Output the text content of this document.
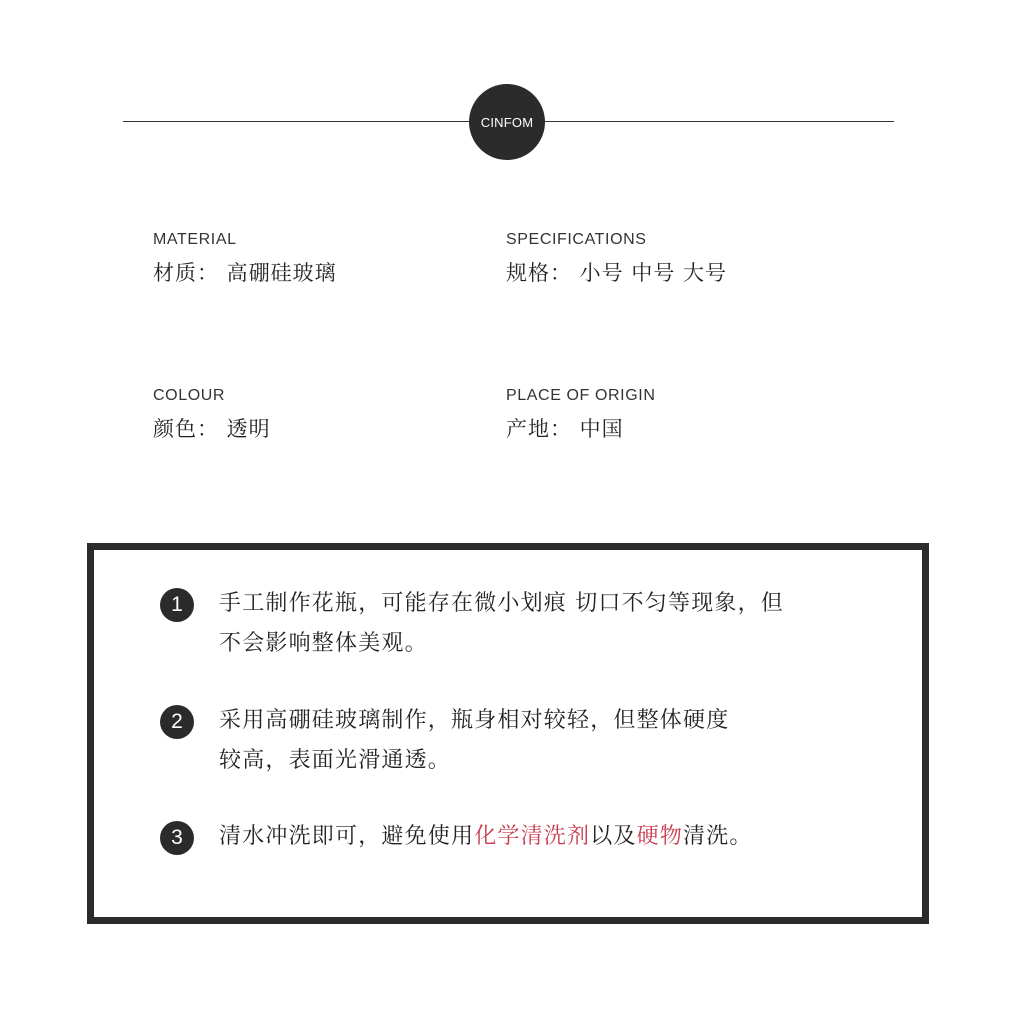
CINFOM
MATERIAL
材质： 高硼硅玻璃
SPECIFICATIONS
规格： 小号 中号 大号
COLOUR
颜色： 透明
PLACE OF ORIGIN
产地： 中国
1	手工制作花瓶，可能存在微小划痕 切口不匀等现象，但
不会影响整体美观。
2	采用高硼硅玻璃制作，瓶身相对较轻，但整体硬度
较高，表面光滑通透。
3	清水冲洗即可，避免使用化学清洗剂以及硬物清洗。
